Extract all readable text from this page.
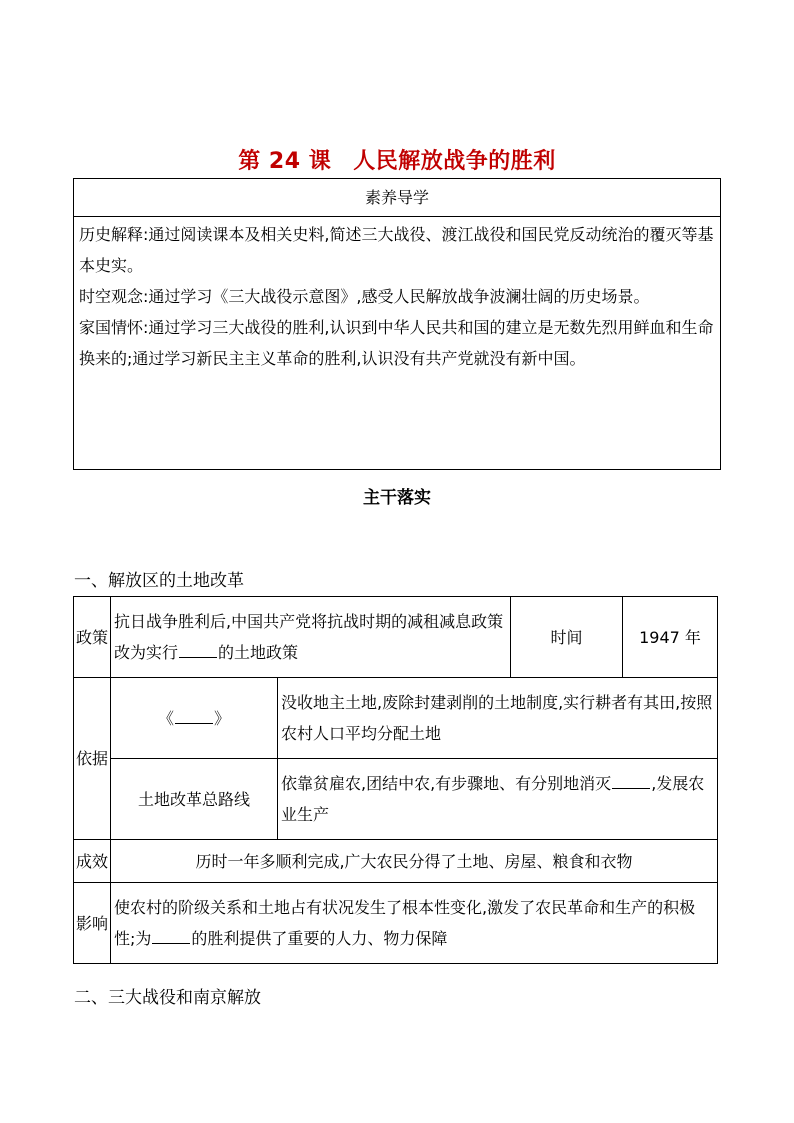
第 24 课 人民解放战争的胜利
素养导学

历史解释:通过阅读课本及相关史料,简述三大战役、渡江战役和国民党反动统治的覆灭等基本史实。

时空观念:通过学习《三大战役示意图》,感受人民解放战争波澜壮阔的历史场景。

家国情怀:通过学习三大战役的胜利,认识到中华人民共和国的建立是无数先烈用鲜血和生命换来的;通过学习新民主主义革命的胜利,认识没有共产党就没有新中国。

主干落实
一、解放区的土地改革
政策	抗日战争胜利后,中国共产党将抗战时期的减租减息政策改为实行 的土地政策		时间	1947 年
依据	《 》	没收地主土地,废除封建剥削的土地制度,实行耕者有其田,按照农村人口平均分配土地		
	土地改革总路线	依靠贫雇农,团结中农,有步骤地、有分别地消灭 ,发展农业生产		
成效	历时一年多顺利完成,广大农民分得了土地、房屋、粮食和衣物			
影响	使农村的阶级关系和土地占有状况发生了根本性变化,激发了农民革命和生产的积极性;为 的胜利提供了重要的人力、物力保障			
二、三大战役和南京解放
